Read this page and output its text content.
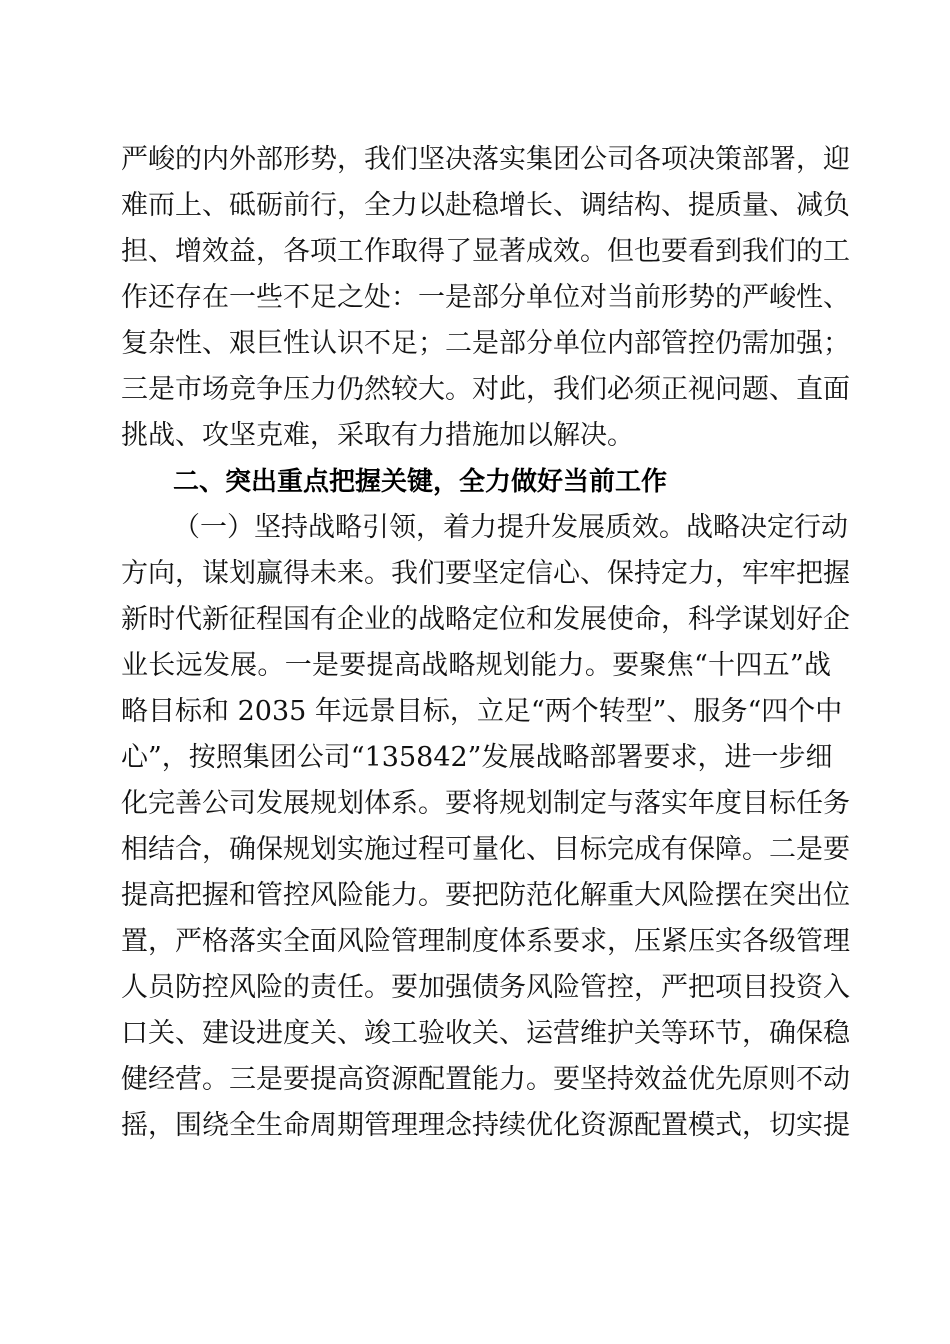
严峻的内外部形势，我们坚决落实集团公司各项决策部署，迎
难而上、砥砺前行，全力以赴稳增长、调结构、提质量、减负
担、增效益，各项工作取得了显著成效。但也要看到我们的工
作还存在一些不足之处：一是部分单位对当前形势的严峻性、
复杂性、艰巨性认识不足；二是部分单位内部管控仍需加强；
三是市场竞争压力仍然较大。对此，我们必须正视问题、直面
挑战、攻坚克难，采取有力措施加以解决。
二、突出重点把握关键，全力做好当前工作
（一）坚持战略引领，着力提升发展质效。战略决定行动
方向，谋划赢得未来。我们要坚定信心、保持定力，牢牢把握
新时代新征程国有企业的战略定位和发展使命，科学谋划好企
业长远发展。一是要提高战略规划能力。要聚焦“十四五”战
略目标和 2035 年远景目标，立足“两个转型”、服务“四个中
心”，按照集团公司“135842”发展战略部署要求，进一步细
化完善公司发展规划体系。要将规划制定与落实年度目标任务
相结合，确保规划实施过程可量化、目标完成有保障。二是要
提高把握和管控风险能力。要把防范化解重大风险摆在突出位
置，严格落实全面风险管理制度体系要求，压紧压实各级管理
人员防控风险的责任。要加强债务风险管控，严把项目投资入
口关、建设进度关、竣工验收关、运营维护关等环节，确保稳
健经营。三是要提高资源配置能力。要坚持效益优先原则不动
摇，围绕全生命周期管理理念持续优化资源配置模式，切实提
